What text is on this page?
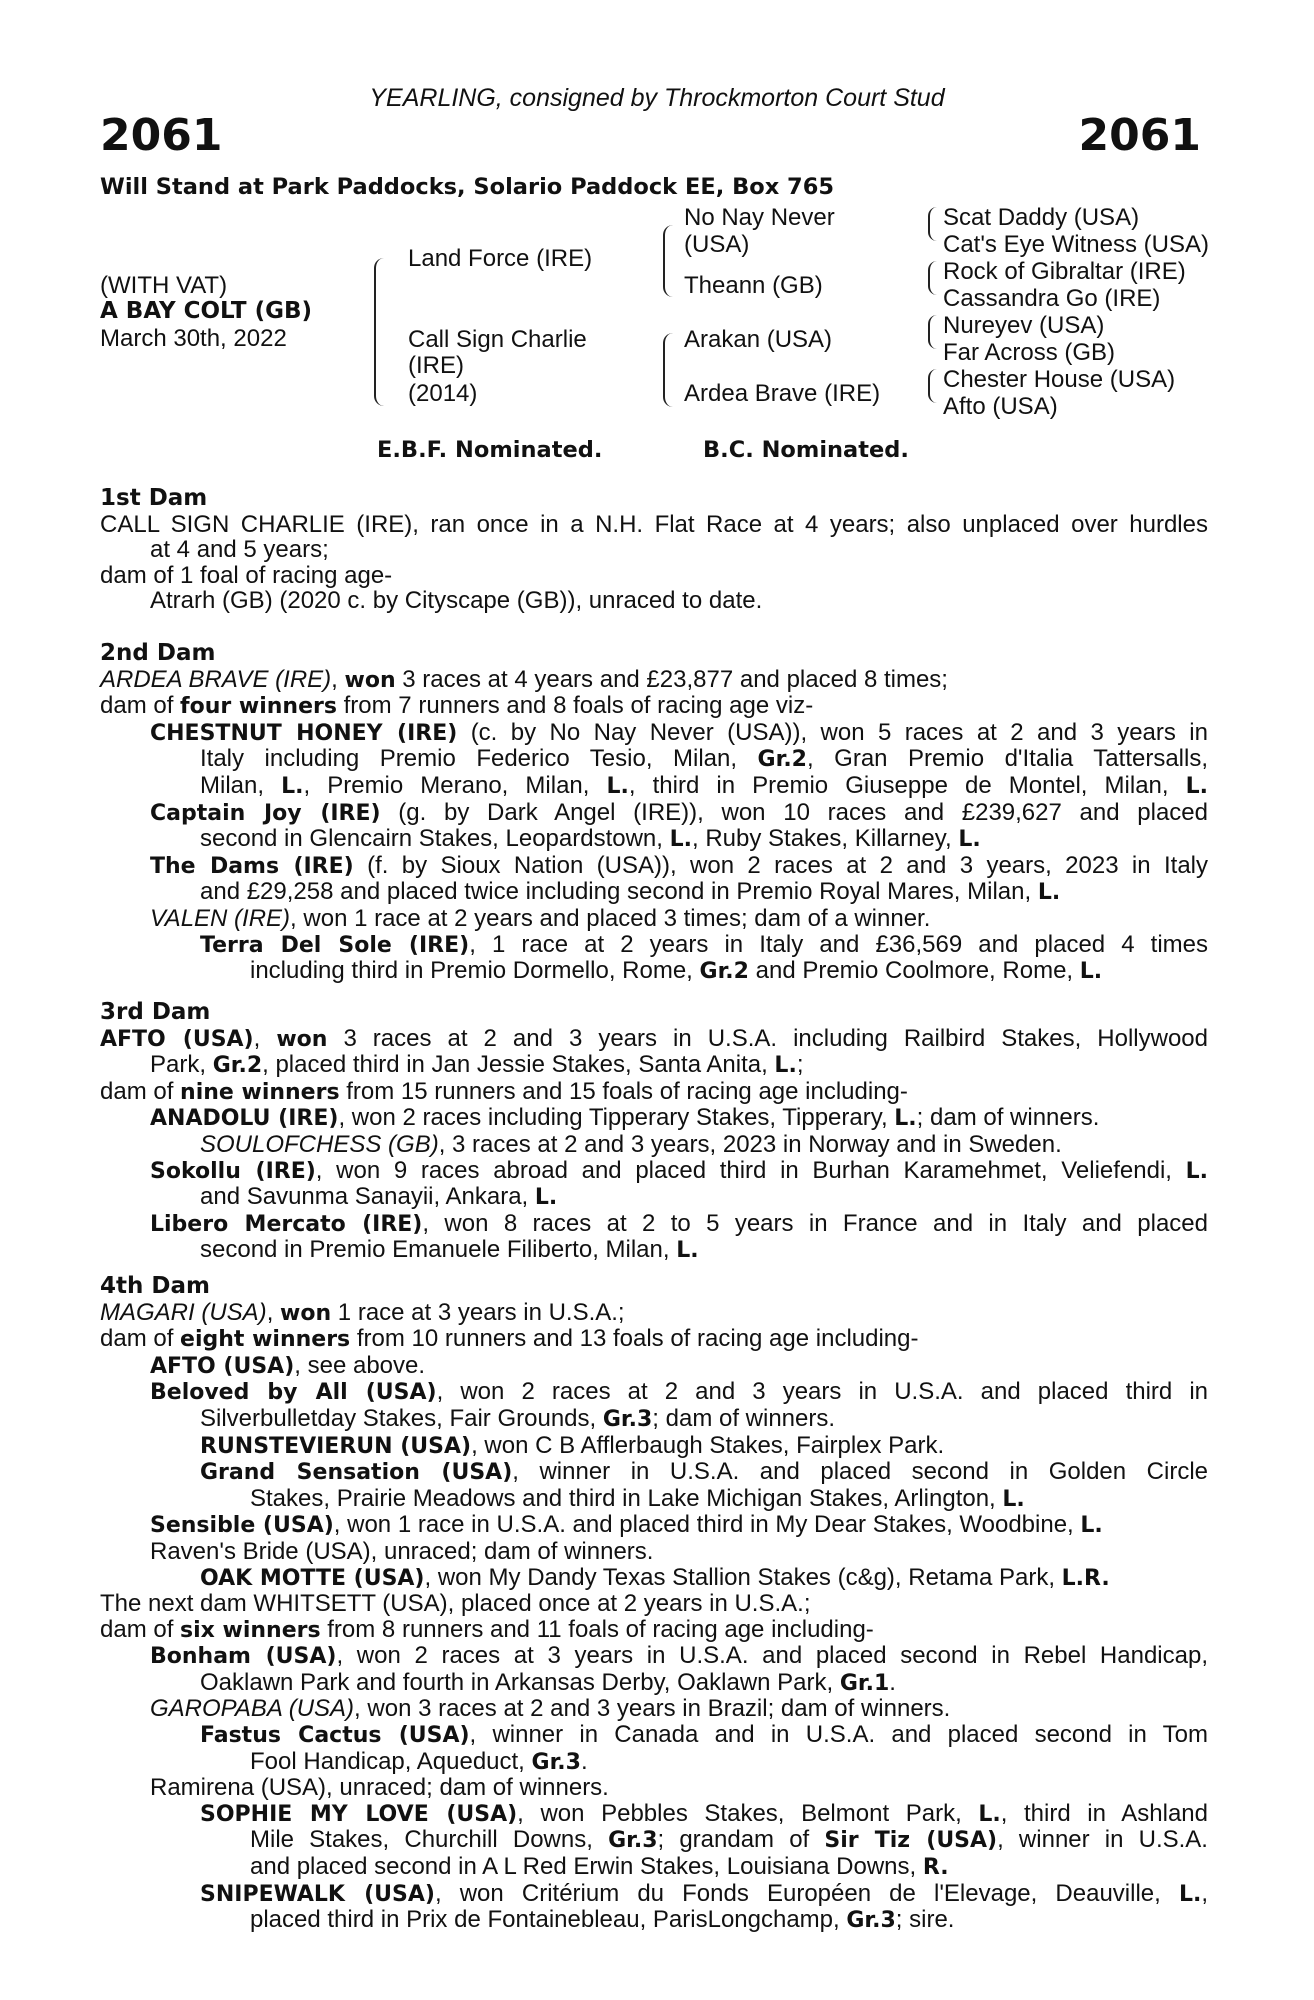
YEARLING, consigned by Throckmorton Court Stud
2061	2061
Will Stand at Park Paddocks, Solario Paddock EE, Box 765
(WITH VAT)
A BAY COLT (GB)
March 30th, 2022
Land Force (IRE)
Call Sign Charlie
(IRE)
(2014)
No Nay Never
(USA)
Theann (GB)
Arakan (USA)
Ardea Brave (IRE)
Scat Daddy (USA)
Cat's Eye Witness (USA)
Rock of Gibraltar (IRE)
Cassandra Go (IRE)
Nureyev (USA)
Far Across (GB)
Chester House (USA)
Afto (USA)
E.B.F. Nominated.	B.C. Nominated.
1st Dam
CALL SIGN CHARLIE (IRE), ran once in a N.H. Flat Race at 4 years; also unplaced over hurdles
at 4 and 5 years;
dam of 1 foal of racing age-
Atrarh (GB) (2020 c. by Cityscape (GB)), unraced to date.
2nd Dam
ARDEA BRAVE (IRE), won 3 races at 4 years and £23,877 and placed 8 times;
dam of four winners from 7 runners and 8 foals of racing age viz-
CHESTNUT HONEY (IRE) (c. by No Nay Never (USA)), won 5 races at 2 and 3 years in
Italy including Premio Federico Tesio, Milan, Gr.2, Gran Premio d'Italia Tattersalls,
Milan, L., Premio Merano, Milan, L., third in Premio Giuseppe de Montel, Milan, L.
Captain Joy (IRE) (g. by Dark Angel (IRE)), won 10 races and £239,627 and placed
second in Glencairn Stakes, Leopardstown, L., Ruby Stakes, Killarney, L.
The Dams (IRE) (f. by Sioux Nation (USA)), won 2 races at 2 and 3 years, 2023 in Italy
and £29,258 and placed twice including second in Premio Royal Mares, Milan, L.
VALEN (IRE), won 1 race at 2 years and placed 3 times; dam of a winner.
Terra Del Sole (IRE), 1 race at 2 years in Italy and £36,569 and placed 4 times
including third in Premio Dormello, Rome, Gr.2 and Premio Coolmore, Rome, L.
3rd Dam
AFTO (USA), won 3 races at 2 and 3 years in U.S.A. including Railbird Stakes, Hollywood
Park, Gr.2, placed third in Jan Jessie Stakes, Santa Anita, L.;
dam of nine winners from 15 runners and 15 foals of racing age including-
ANADOLU (IRE), won 2 races including Tipperary Stakes, Tipperary, L.; dam of winners.
SOULOFCHESS (GB), 3 races at 2 and 3 years, 2023 in Norway and in Sweden.
Sokollu (IRE), won 9 races abroad and placed third in Burhan Karamehmet, Veliefendi, L.
and Savunma Sanayii, Ankara, L.
Libero Mercato (IRE), won 8 races at 2 to 5 years in France and in Italy and placed
second in Premio Emanuele Filiberto, Milan, L.
4th Dam
MAGARI (USA), won 1 race at 3 years in U.S.A.;
dam of eight winners from 10 runners and 13 foals of racing age including-
AFTO (USA), see above.
Beloved by All (USA), won 2 races at 2 and 3 years in U.S.A. and placed third in
Silverbulletday Stakes, Fair Grounds, Gr.3; dam of winners.
RUNSTEVIERUN (USA), won C B Afflerbaugh Stakes, Fairplex Park.
Grand Sensation (USA), winner in U.S.A. and placed second in Golden Circle
Stakes, Prairie Meadows and third in Lake Michigan Stakes, Arlington, L.
Sensible (USA), won 1 race in U.S.A. and placed third in My Dear Stakes, Woodbine, L.
Raven's Bride (USA), unraced; dam of winners.
OAK MOTTE (USA), won My Dandy Texas Stallion Stakes (c&g), Retama Park, L.R.
The next dam WHITSETT (USA), placed once at 2 years in U.S.A.;
dam of six winners from 8 runners and 11 foals of racing age including-
Bonham (USA), won 2 races at 3 years in U.S.A. and placed second in Rebel Handicap,
Oaklawn Park and fourth in Arkansas Derby, Oaklawn Park, Gr.1.
GAROPABA (USA), won 3 races at 2 and 3 years in Brazil; dam of winners.
Fastus Cactus (USA), winner in Canada and in U.S.A. and placed second in Tom
Fool Handicap, Aqueduct, Gr.3.
Ramirena (USA), unraced; dam of winners.
SOPHIE MY LOVE (USA), won Pebbles Stakes, Belmont Park, L., third in Ashland
Mile Stakes, Churchill Downs, Gr.3; grandam of Sir Tiz (USA), winner in U.S.A.
and placed second in A L Red Erwin Stakes, Louisiana Downs, R.
SNIPEWALK (USA), won Critérium du Fonds Européen de l'Elevage, Deauville, L.,
placed third in Prix de Fontainebleau, ParisLongchamp, Gr.3; sire.
